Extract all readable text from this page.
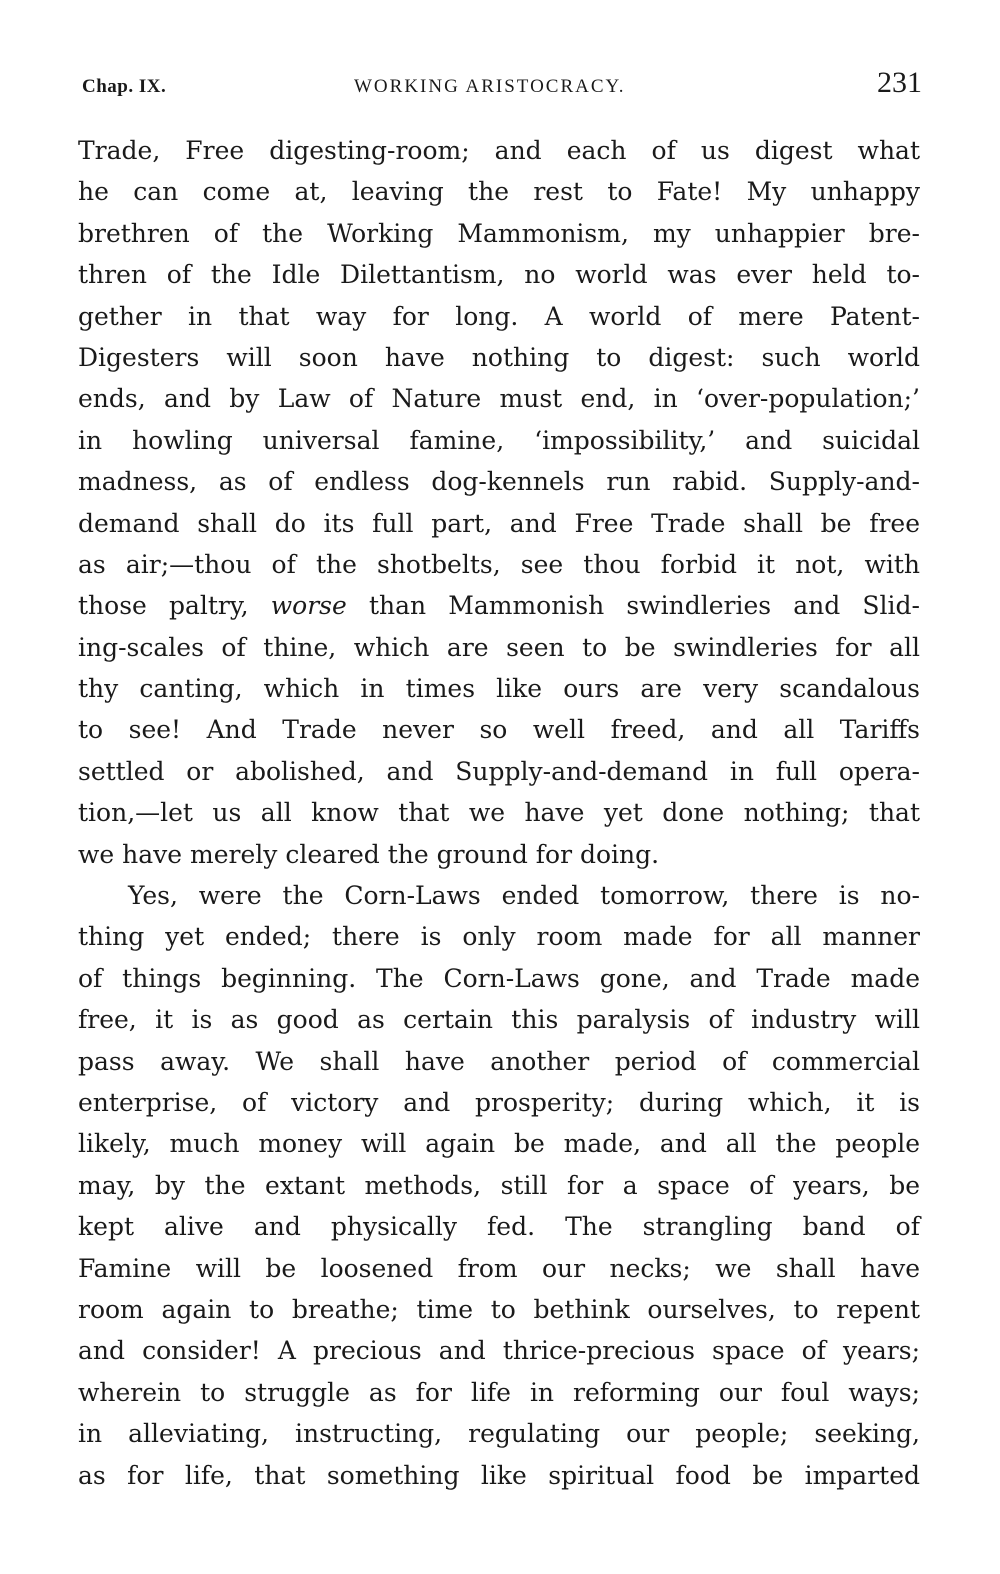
Chap. IX.	WORKING ARISTOCRACY.	231
Trade, Free digesting-room; and each of us digest what
he can come at, leaving the rest to Fate! My unhappy
brethren of the Working Mammonism, my unhappier bre-
thren of the Idle Dilettantism, no world was ever held to-
gether in that way for long. A world of mere Patent-
Digesters will soon have nothing to digest: such world
ends, and by Law of Nature must end, in ‘over-population;’
in howling universal famine, ‘impossibility,’ and suicidal
madness, as of endless dog-kennels run rabid. Supply-and-
demand shall do its full part, and Free Trade shall be free
as air;—thou of the shotbelts, see thou forbid it not, with
those paltry, worse than Mammonish swindleries and Slid-
ing-scales of thine, which are seen to be swindleries for all
thy canting, which in times like ours are very scandalous
to see! And Trade never so well freed, and all Tariffs
settled or abolished, and Supply-and-demand in full opera-
tion,—let us all know that we have yet done nothing; that
we have merely cleared the ground for doing.
Yes, were the Corn-Laws ended tomorrow, there is no-
thing yet ended; there is only room made for all manner
of things beginning. The Corn-Laws gone, and Trade made
free, it is as good as certain this paralysis of industry will
pass away. We shall have another period of commercial
enterprise, of victory and prosperity; during which, it is
likely, much money will again be made, and all the people
may, by the extant methods, still for a space of years, be
kept alive and physically fed. The strangling band of
Famine will be loosened from our necks; we shall have
room again to breathe; time to bethink ourselves, to repent
and consider! A precious and thrice-precious space of years;
wherein to struggle as for life in reforming our foul ways;
in alleviating, instructing, regulating our people; seeking,
as for life, that something like spiritual food be imparted
